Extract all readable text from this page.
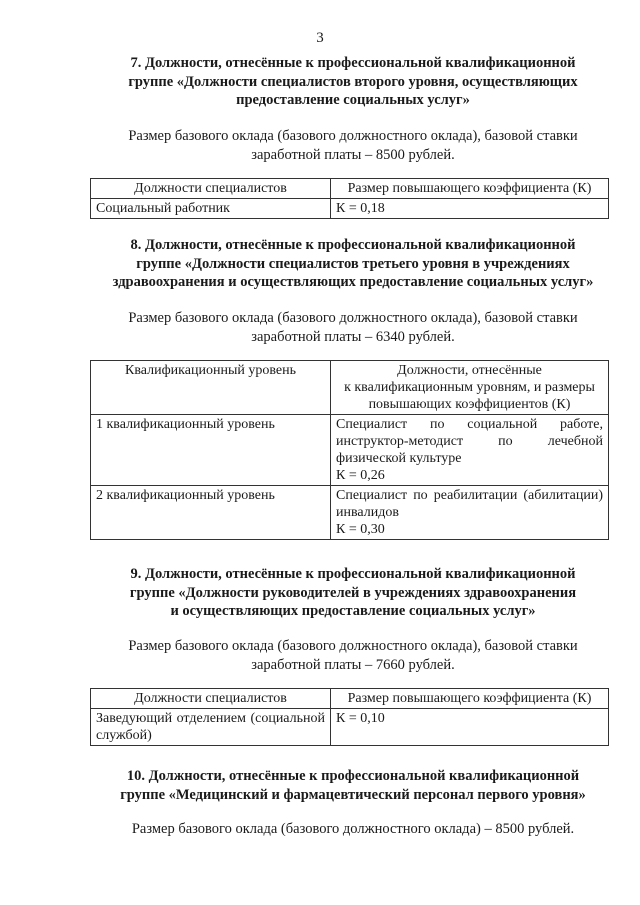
3
7. Должности, отнесённые к профессиональной квалификационной
группе «Должности специалистов второго уровня, осуществляющих
предоставление социальных услуг»
Размер базового оклада (базового должностного оклада), базовой ставки
заработной платы – 8500 рублей.
Должности специалистов	Размер повышающего коэффициента (К)
Социальный работник	К = 0,18
8. Должности, отнесённые к профессиональной квалификационной
группе «Должности специалистов третьего уровня в учреждениях
здравоохранения и осуществляющих предоставление социальных услуг»
Размер базового оклада (базового должностного оклада), базовой ставки
заработной платы – 6340 рублей.
Квалификационный уровень	Должности, отнесённые
к квалификационным уровням, и размеры
повышающих коэффициентов (К)

1 квалификационный уровень	Специалист по социальной работе, инструктор-методист по лечебной физической культуре
К = 0,26

2 квалификационный уровень	Специалист по реабилитации (абилитации) инвалидов
К = 0,30
9. Должности, отнесённые к профессиональной квалификационной
группе «Должности руководителей в учреждениях здравоохранения
и осуществляющих предоставление социальных услуг»
Размер базового оклада (базового должностного оклада), базовой ставки
заработной платы – 7660 рублей.
Должности специалистов	Размер повышающего коэффициента (К)
Заведующий отделением (социальной службой)	К = 0,10
10. Должности, отнесённые к профессиональной квалификационной
группе «Медицинский и фармацевтический персонал первого уровня»
Размер базового оклада (базового должностного оклада) – 8500 рублей.
